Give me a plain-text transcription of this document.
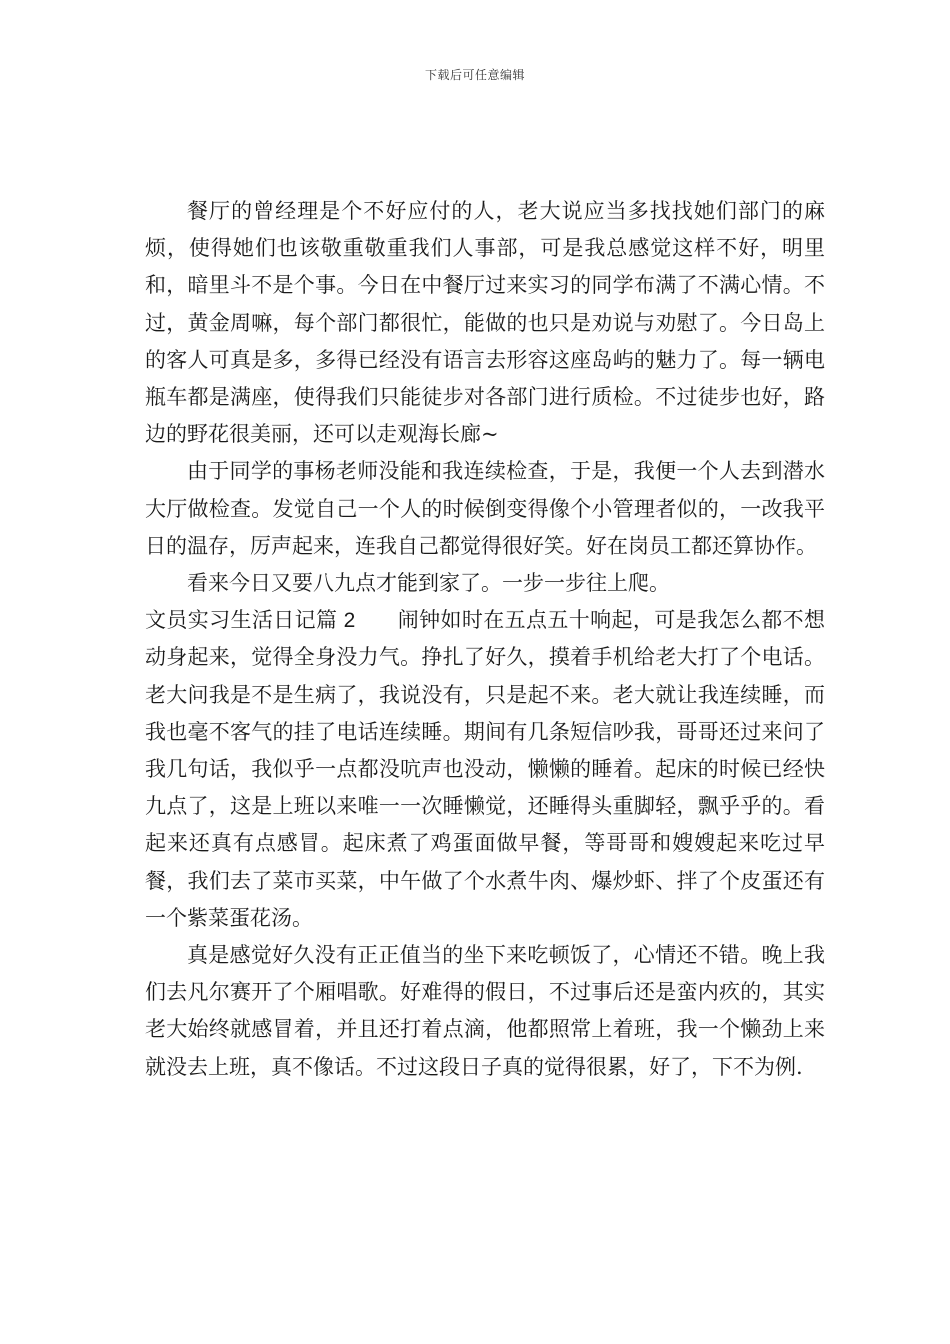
下载后可任意编辑

餐厅的曾经理是个不好应付的人，老大说应当多找找她们部门的麻烦，使得她们也该敬重敬重我们人事部，可是我总感觉这样不好，明里和，暗里斗不是个事。今日在中餐厅过来实习的同学布满了不满心情。不过，黄金周嘛，每个部门都很忙，能做的也只是劝说与劝慰了。今日岛上的客人可真是多，多得已经没有语言去形容这座岛屿的魅力了。每一辆电瓶车都是满座，使得我们只能徒步对各部门进行质检。不过徒步也好，路边的野花很美丽，还可以走观海长廊~

由于同学的事杨老师没能和我连续检查，于是，我便一个人去到潜水大厅做检查。发觉自己一个人的时候倒变得像个小管理者似的，一改我平日的温存，厉声起来，连我自己都觉得很好笑。好在岗员工都还算协作。

看来今日又要八九点才能到家了。一步一步往上爬。

文员实习生活日记篇 2 闹钟如时在五点五十响起，可是我怎么都不想动身起来，觉得全身没力气。挣扎了好久，摸着手机给老大打了个电话。老大问我是不是生病了，我说没有，只是起不来。老大就让我连续睡，而我也毫不客气的挂了电话连续睡。期间有几条短信吵我，哥哥还过来问了我几句话，我似乎一点都没吭声也没动，懒懒的睡着。起床的时候已经快九点了，这是上班以来唯一一次睡懒觉，还睡得头重脚轻，飘乎乎的。看起来还真有点感冒。起床煮了鸡蛋面做早餐，等哥哥和嫂嫂起来吃过早餐，我们去了菜市买菜，中午做了个水煮牛肉、爆炒虾、拌了个皮蛋还有一个紫菜蛋花汤。

真是感觉好久没有正正值当的坐下来吃顿饭了，心情还不错。晚上我们去凡尔赛开了个厢唱歌。好难得的假日，不过事后还是蛮内疚的，其实老大始终就感冒着，并且还打着点滴，他都照常上着班，我一个懒劲上来就没去上班，真不像话。不过这段日子真的觉得很累，好了，下不为例.
